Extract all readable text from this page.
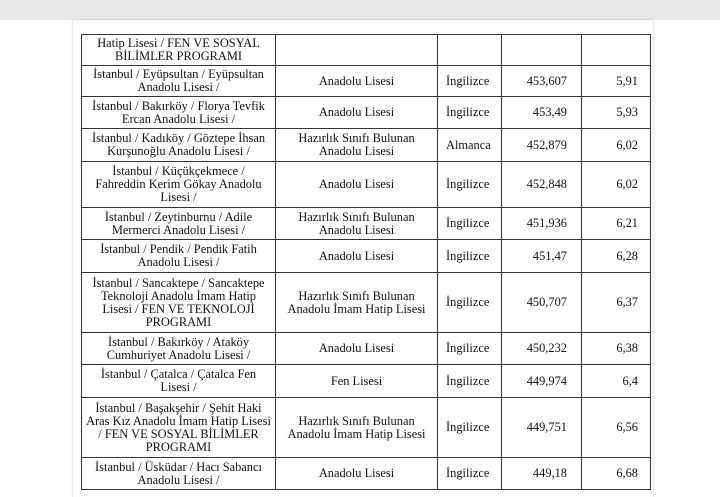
Hatip Lisesi / FEN VE SOSYAL BİLİMLER PROGRAMI				
İstanbul / Eyüpsultan / Eyüpsultan Anadolu Lisesi /	Anadolu Lisesi	İngilizce	453,607	5,91
İstanbul / Bakırköy / Florya Tevfik Ercan Anadolu Lisesi /	Anadolu Lisesi	İngilizce	453,49	5,93
İstanbul / Kadıköy / Göztepe İhsan Kurşunoğlu Anadolu Lisesi /	Hazırlık Sınıfı Bulunan Anadolu Lisesi	Almanca	452,879	6,02
İstanbul / Küçükçekmece / Fahreddin Kerim Gökay Anadolu Lisesi /	Anadolu Lisesi	İngilizce	452,848	6,02
İstanbul / Zeytinburnu / Adile Mermerci Anadolu Lisesi /	Hazırlık Sınıfı Bulunan Anadolu Lisesi	İngilizce	451,936	6,21
İstanbul / Pendik / Pendik Fatih Anadolu Lisesi /	Anadolu Lisesi	İngilizce	451,47	6,28
İstanbul / Sancaktepe / Sancaktepe Teknoloji Anadolu İmam Hatip Lisesi / FEN VE TEKNOLOJİ PROGRAMI	Hazırlık Sınıfı Bulunan Anadolu İmam Hatip Lisesi	İngilizce	450,707	6,37
İstanbul / Bakırköy / Ataköy Cumhuriyet Anadolu Lisesi /	Anadolu Lisesi	İngilizce	450,232	6,38
İstanbul / Çatalca / Çatalca Fen Lisesi /	Fen Lisesi	İngilizce	449,974	6,4
İstanbul / Başakşehir / Şehit Haki Aras Kız Anadolu İmam Hatip Lisesi / FEN VE SOSYAL BİLİMLER PROGRAMI	Hazırlık Sınıfı Bulunan Anadolu İmam Hatip Lisesi	İngilizce	449,751	6,56
İstanbul / Üsküdar / Hacı Sabancı Anadolu Lisesi /	Anadolu Lisesi	İngilizce	449,18	6,68
